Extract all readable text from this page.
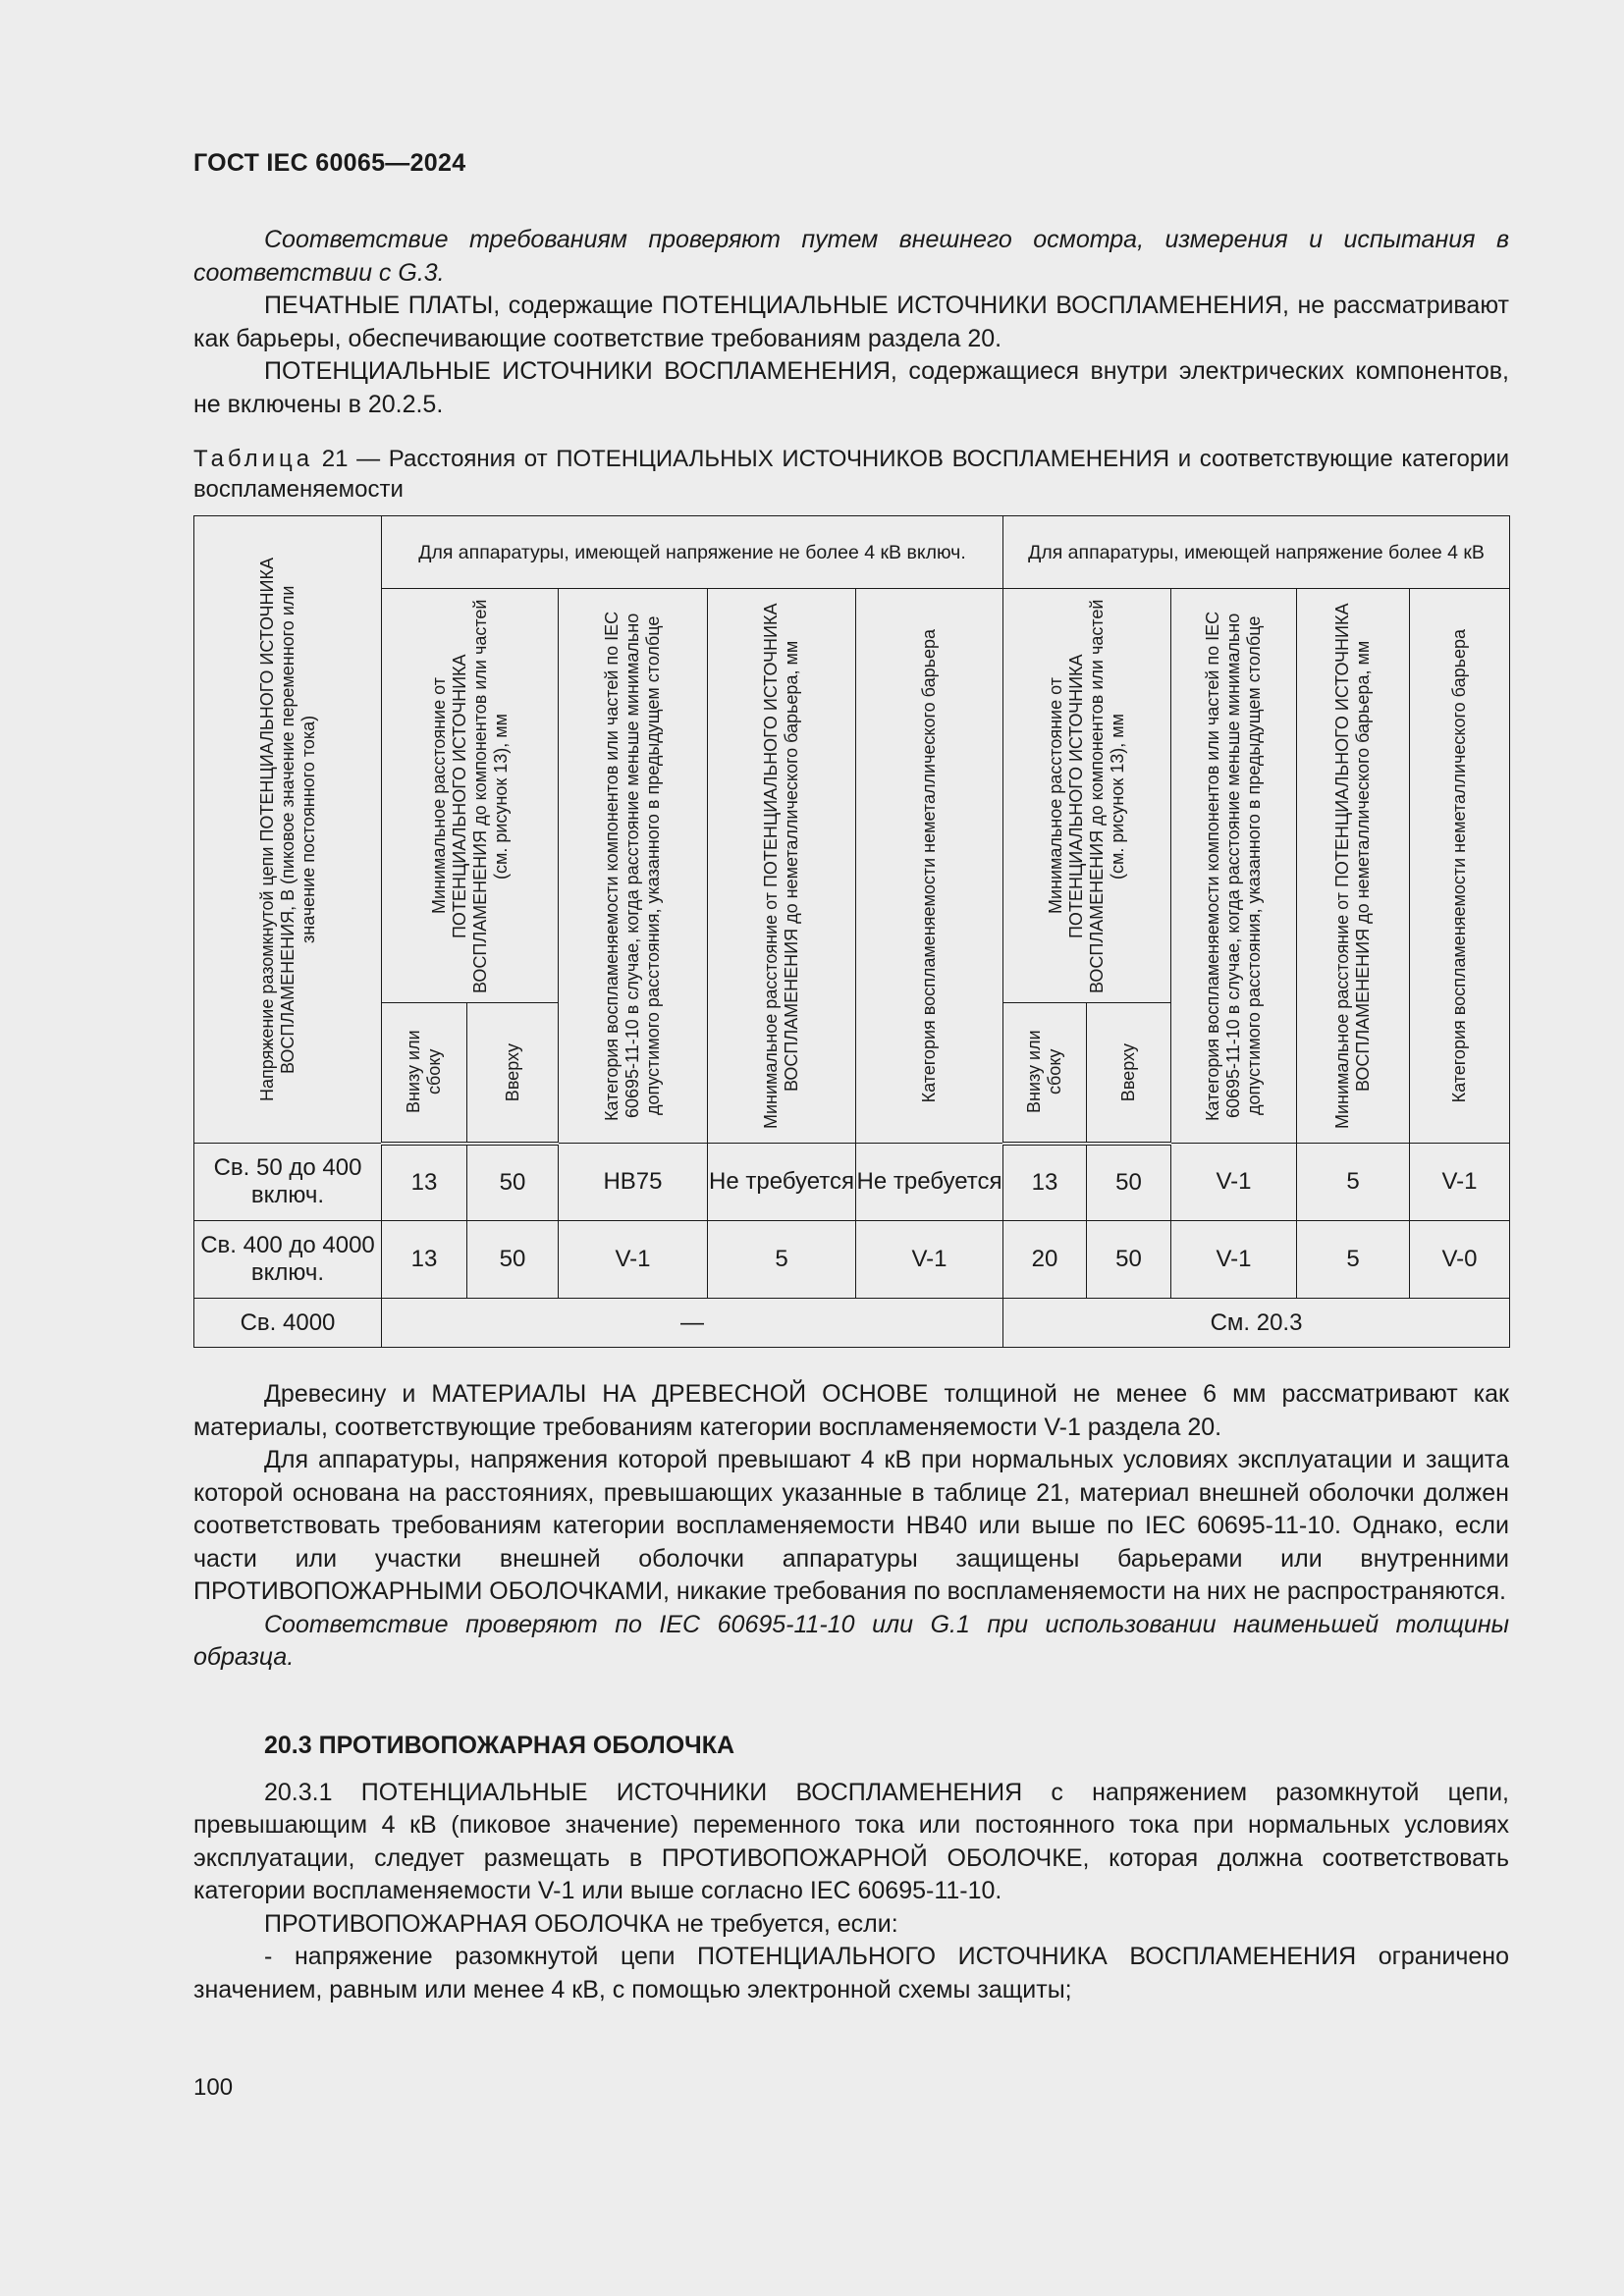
ГОСТ IEC 60065—2024

Соответствие требованиям проверяют путем внешнего осмотра, измерения и испытания в соответствии с G.3.

ПЕЧАТНЫЕ ПЛАТЫ, содержащие ПОТЕНЦИАЛЬНЫЕ ИСТОЧНИКИ ВОСПЛАМЕНЕНИЯ, не рассматривают как барьеры, обеспечивающие соответствие требованиям раздела 20.

ПОТЕНЦИАЛЬНЫЕ ИСТОЧНИКИ ВОСПЛАМЕНЕНИЯ, содержащиеся внутри электрических компонентов, не включены в 20.2.5.

Таблица 21 — Расстояния от ПОТЕНЦИАЛЬНЫХ ИСТОЧНИКОВ ВОСПЛАМЕНЕНИЯ и соответствующие категории воспламеняемости
Напряжение разомкнутой цепи ПОТЕНЦИАЛЬНОГО ИСТОЧНИКА ВОСПЛАМЕНЕНИЯ, В (пиковое значение переменного или значение постоянного тока)	Для аппаратуры, имеющей напряжение не более 4 кВ включ.					Для аппаратуры, имеющей напряжение более 4 кВ				

	Минимальное расстояние от ПОТЕНЦИАЛЬНОГО ИСТОЧНИКА ВОСПЛАМЕНЕНИЯ до компонентов или частей (см. рисунок 13), мм		Категория воспламеняемости компонентов или частей по IEC 60695-11-10 в случае, когда расстояние меньше минимально допустимого расстояния, указанного в предыдущем столбце	Минимальное расстояние от ПОТЕНЦИАЛЬНОГО ИСТОЧНИКА ВОСПЛАМЕНЕНИЯ до неметаллического барьера, мм	Категория воспламеняемости неметаллического барьера	Минимальное расстояние от ПОТЕНЦИАЛЬНОГО ИСТОЧНИКА ВОСПЛАМЕНЕНИЯ до компонентов или частей (см. рисунок 13), мм		Категория воспламеняемости компонентов или частей по IEC 60695-11-10 в случае, когда расстояние меньше минимально допустимого расстояния, указанного в предыдущем столбце	Минимальное расстояние от ПОТЕНЦИАЛЬНОГО ИСТОЧНИКА ВОСПЛАМЕНЕНИЯ до неметаллического барьера, мм	Категория воспламеняемости неметаллического барьера

	Внизу или сбоку	Вверху				Внизу или сбоку	Вверху			

Св. 50 до 400 включ.	13	50	HB75	Не требуется	Не требуется	13	50	V-1	5	V-1
Св. 400 до 4000 включ.	13	50	V-1	5	V-1	20	50	V-1	5	V-0
Св. 4000	—					См. 20.3				

Древесину и МАТЕРИАЛЫ НА ДРЕВЕСНОЙ ОСНОВЕ толщиной не менее 6 мм рассматривают как материалы, соответствующие требованиям категории воспламеняемости V-1 раздела 20.

Для аппаратуры, напряжения которой превышают 4 кВ при нормальных условиях эксплуатации и защита которой основана на расстояниях, превышающих указанные в таблице 21, материал внешней оболочки должен соответствовать требованиям категории воспламеняемости HB40 или выше по IEC 60695-11-10. Однако, если части или участки внешней оболочки аппаратуры защищены барьерами или внутренними ПРОТИВОПОЖАРНЫМИ ОБОЛОЧКАМИ, никакие требования по воспламеняемости на них не распространяются.

Соответствие проверяют по IEC 60695-11-10 или G.1 при использовании наименьшей толщины образца.

20.3 ПРОТИВОПОЖАРНАЯ ОБОЛОЧКА

20.3.1 ПОТЕНЦИАЛЬНЫЕ ИСТОЧНИКИ ВОСПЛАМЕНЕНИЯ с напряжением разомкнутой цепи, превышающим 4 кВ (пиковое значение) переменного тока или постоянного тока при нормальных условиях эксплуатации, следует размещать в ПРОТИВОПОЖАРНОЙ ОБОЛОЧКЕ, которая должна соответствовать категории воспламеняемости V-1 или выше согласно IEC 60695-11-10.

ПРОТИВОПОЖАРНАЯ ОБОЛОЧКА не требуется, если:

- напряжение разомкнутой цепи ПОТЕНЦИАЛЬНОГО ИСТОЧНИКА ВОСПЛАМЕНЕНИЯ ограничено значением, равным или менее 4 кВ, с помощью электронной схемы защиты;

100
